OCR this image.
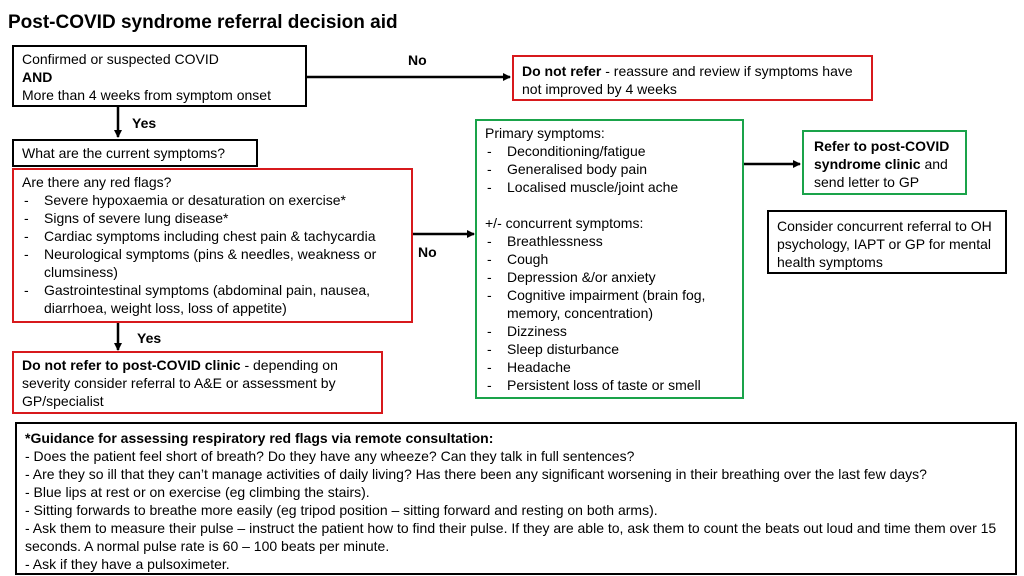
Post-COVID syndrome referral decision aid
Confirmed or suspected COVID
AND
More than 4 weeks from symptom onset
No
Do not refer - reassure and review if symptoms have not improved by 4 weeks
Yes
What are the current symptoms?
Are there any red flags?
- Severe hypoxaemia or desaturation on exercise*
- Signs of severe lung disease*
- Cardiac symptoms including chest pain & tachycardia
- Neurological symptoms (pins & needles, weakness or clumsiness)
- Gastrointestinal symptoms (abdominal pain, nausea, diarrhoea, weight loss, loss of appetite)
No
Yes
Do not refer to post-COVID clinic - depending on severity consider referral to A&E or assessment by GP/specialist
Primary symptoms:
- Deconditioning/fatigue
- Generalised body pain
- Localised muscle/joint ache
+/- concurrent symptoms:
- Breathlessness
- Cough
- Depression &/or anxiety
- Cognitive impairment (brain fog, memory, concentration)
- Dizziness
- Sleep disturbance
- Headache
- Persistent loss of taste or smell
Refer to post-COVID syndrome clinic and send letter to GP
Consider concurrent referral to OH psychology, IAPT or GP for mental health symptoms
*Guidance for assessing respiratory red flags via remote consultation:
- Does the patient feel short of breath? Do they have any wheeze? Can they talk in full sentences?
- Are they so ill that they can’t manage activities of daily living? Has there been any significant worsening in their breathing over the last few days?
- Blue lips at rest or on exercise (eg climbing the stairs).
- Sitting forwards to breathe more easily (eg tripod position – sitting forward and resting on both arms).
- Ask them to measure their pulse – instruct the patient how to find their pulse. If they are able to, ask them to count the beats out loud and time them over 15 seconds. A normal pulse rate is 60 – 100 beats per minute.
- Ask if they have a pulsoximeter.
